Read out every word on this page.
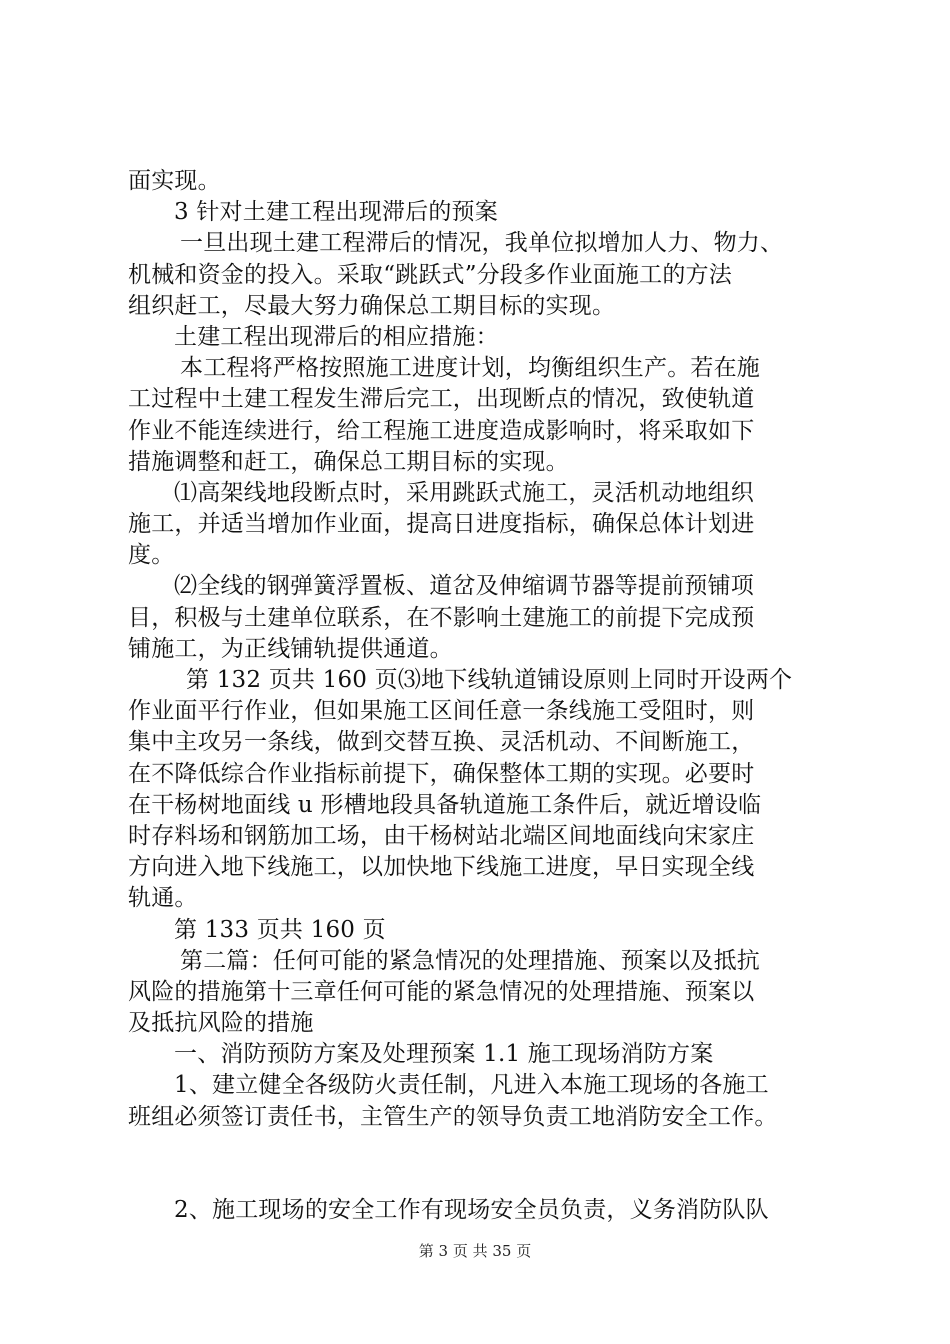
面实现。
3 针对土建工程出现滞后的预案
一旦出现土建工程滞后的情况，我单位拟增加人力、物力、
机械和资金的投入。采取“跳跃式”分段多作业面施工的方法
组织赶工，尽最大努力确保总工期目标的实现。
土建工程出现滞后的相应措施：
本工程将严格按照施工进度计划，均衡组织生产。若在施
工过程中土建工程发生滞后完工，出现断点的情况，致使轨道
作业不能连续进行，给工程施工进度造成影响时，将采取如下
措施调整和赶工，确保总工期目标的实现。
⑴高架线地段断点时，采用跳跃式施工，灵活机动地组织
施工，并适当增加作业面，提高日进度指标，确保总体计划进
度。
⑵全线的钢弹簧浮置板、道岔及伸缩调节器等提前预铺项
目，积极与土建单位联系，在不影响土建施工的前提下完成预
铺施工，为正线铺轨提供通道。
第 132 页共 160 页⑶地下线轨道铺设原则上同时开设两个
作业面平行作业，但如果施工区间任意一条线施工受阻时，则
集中主攻另一条线，做到交替互换、灵活机动、不间断施工，
在不降低综合作业指标前提下，确保整体工期的实现。必要时
在干杨树地面线 u 形槽地段具备轨道施工条件后，就近增设临
时存料场和钢筋加工场，由干杨树站北端区间地面线向宋家庄
方向进入地下线施工，以加快地下线施工进度，早日实现全线
轨通。
第 133 页共 160 页
第二篇：任何可能的紧急情况的处理措施、预案以及抵抗
风险的措施第十三章任何可能的紧急情况的处理措施、预案以
及抵抗风险的措施
一、消防预防方案及处理预案 1.1 施工现场消防方案
1、建立健全各级防火责任制，凡进入本施工现场的各施工
班组必须签订责任书，主管生产的领导负责工地消防安全工作。
2、施工现场的安全工作有现场安全员负责，义务消防队队
第 3 页 共 35 页
